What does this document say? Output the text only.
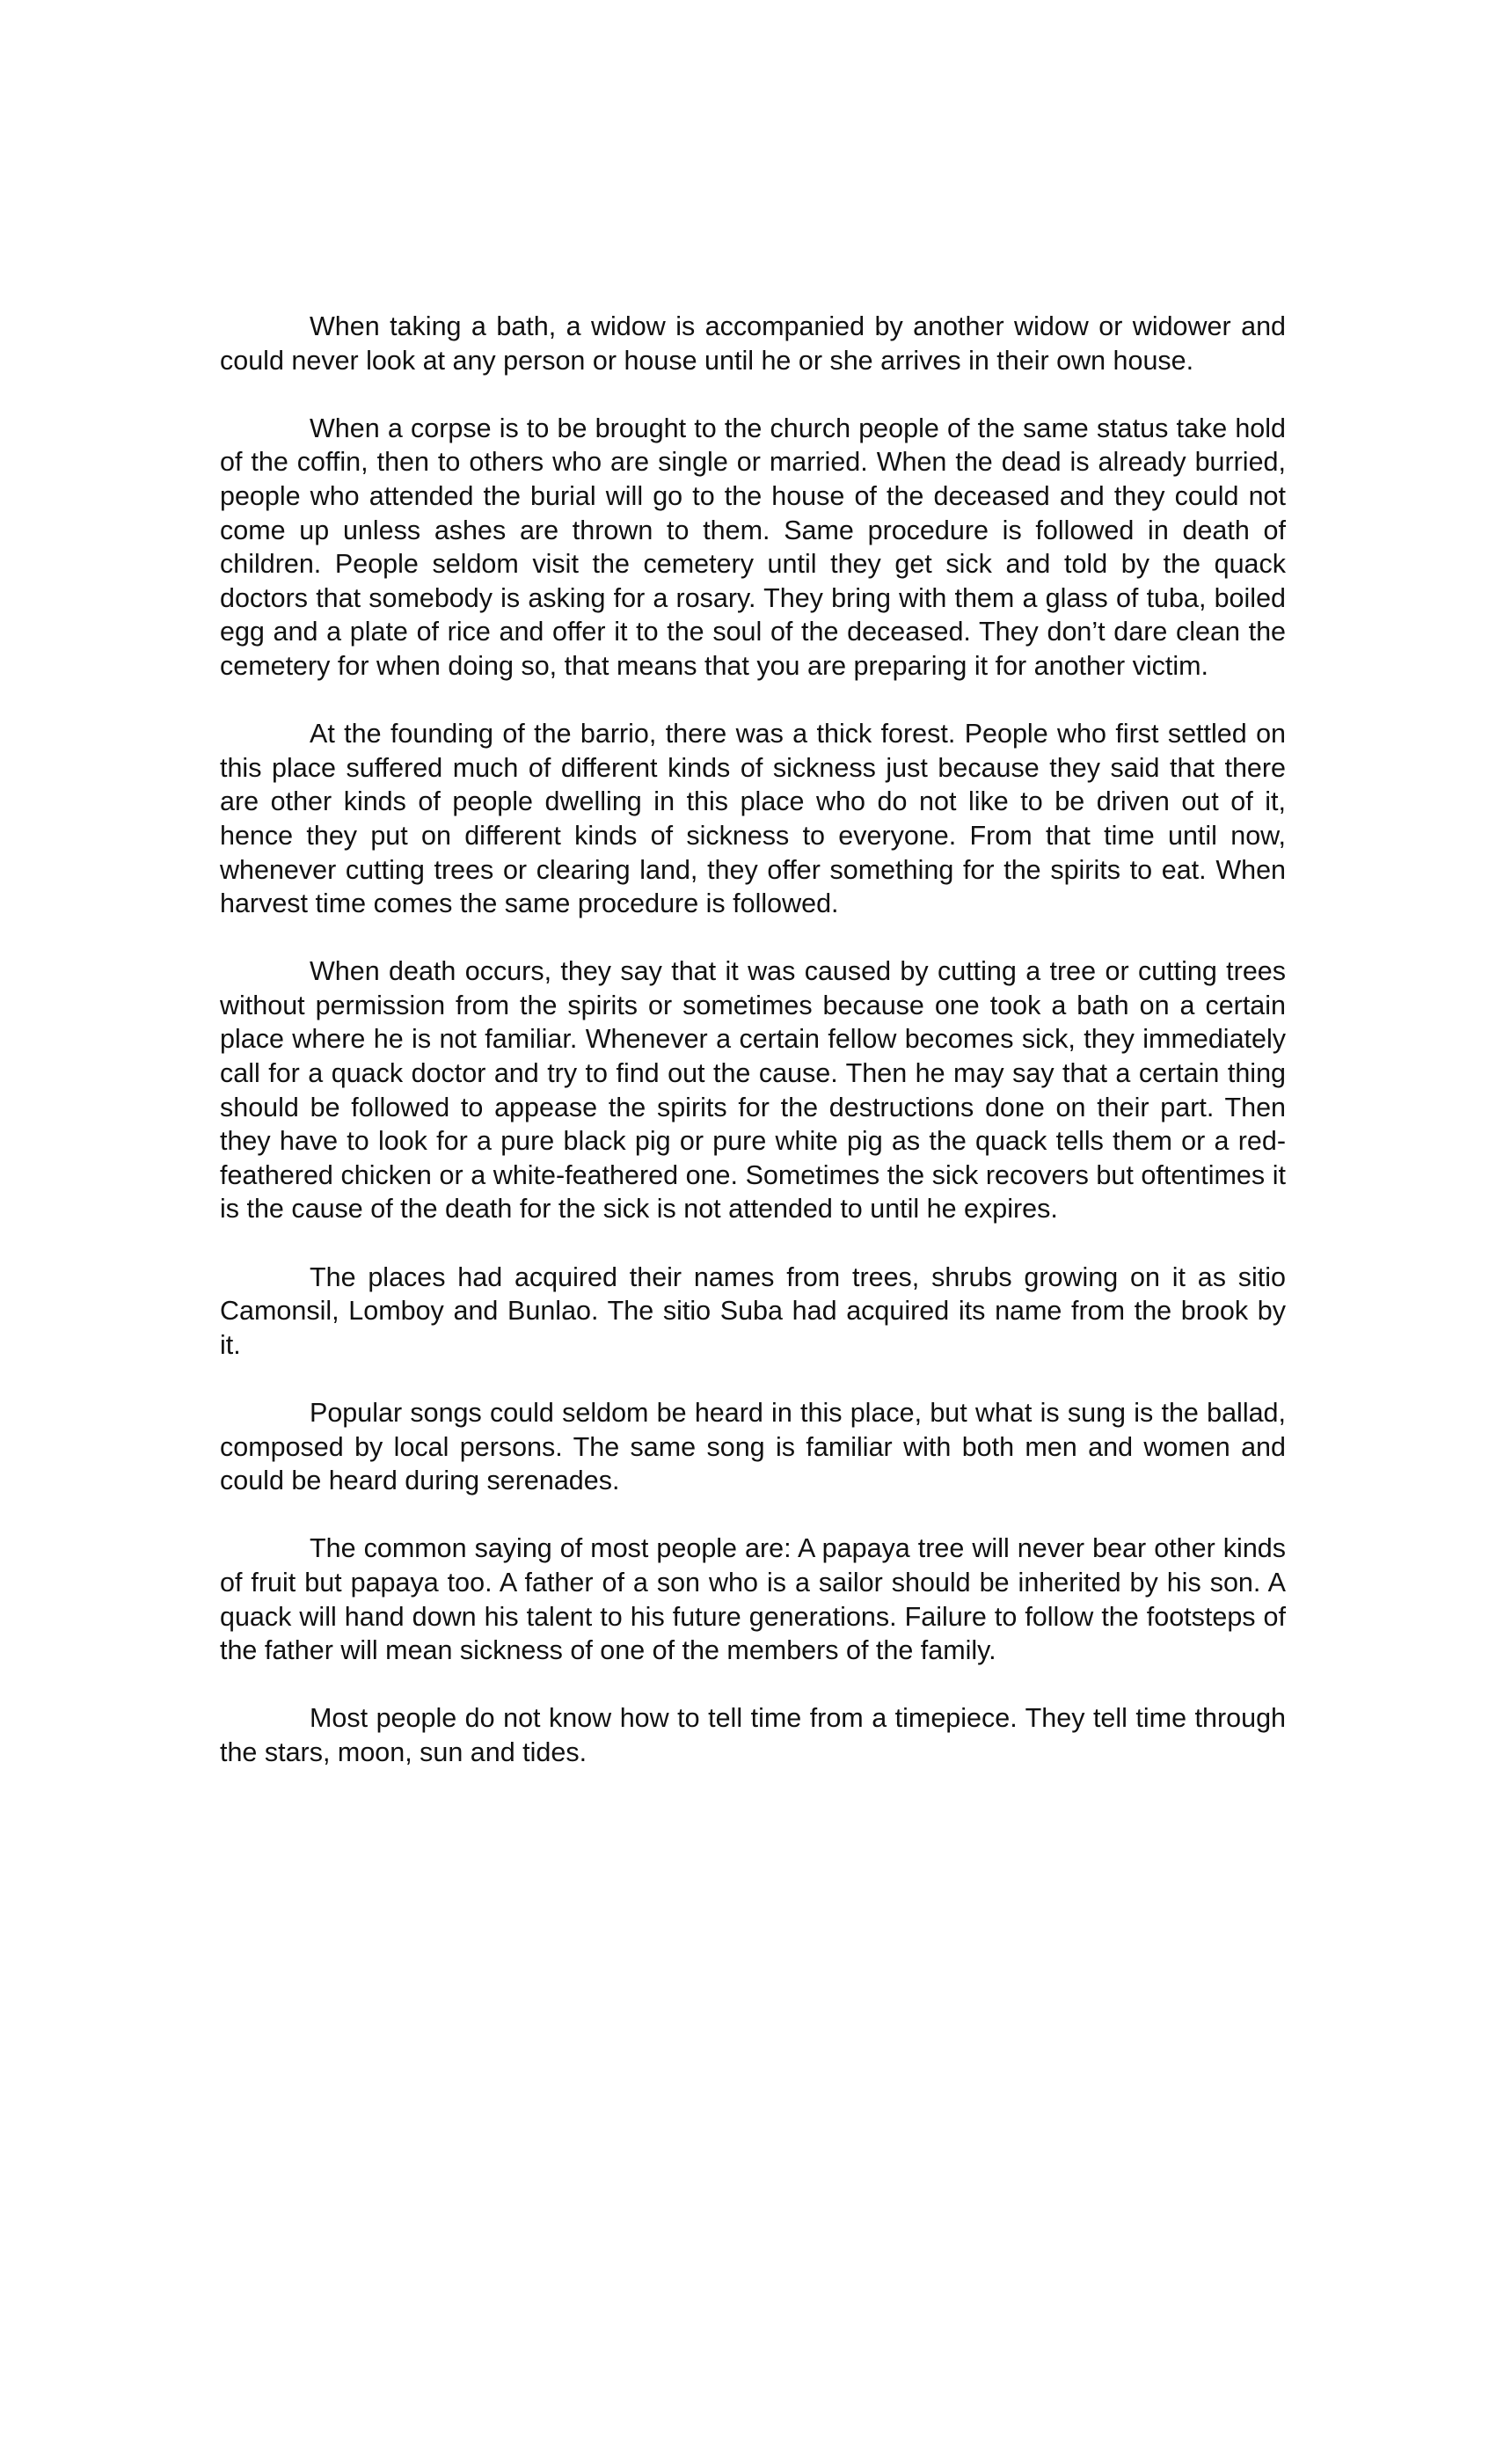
When taking a bath, a widow is accompanied by another widow or widower and could never look at any person or house until he or she arrives in their own house.

When a corpse is to be brought to the church people of the same status take hold of the coffin, then to others who are single or married. When the dead is already burried, people who attended the burial will go to the house of the deceased and they could not come up unless ashes are thrown to them. Same procedure is followed in death of children. People seldom visit the cemetery until they get sick and told by the quack doctors that somebody is asking for a rosary. They bring with them a glass of tuba, boiled egg and a plate of rice and offer it to the soul of the deceased. They don’t dare clean the cemetery for when doing so, that means that you are preparing it for another victim.

At the founding of the barrio, there was a thick forest. People who first settled on this place suffered much of different kinds of sickness just because they said that there are other kinds of people dwelling in this place who do not like to be driven out of it, hence they put on different kinds of sickness to everyone. From that time until now, whenever cutting trees or clearing land, they offer something for the spirits to eat. When harvest time comes the same procedure is followed.

When death occurs, they say that it was caused by cutting a tree or cutting trees without permission from the spirits or sometimes because one took a bath on a certain place where he is not familiar. Whenever a certain fellow becomes sick, they immediately call for a quack doctor and try to find out the cause. Then he may say that a certain thing should be followed to appease the spirits for the destructions done on their part. Then they have to look for a pure black pig or pure white pig as the quack tells them or a red-feathered chicken or a white-feathered one. Sometimes the sick recovers but oftentimes it is the cause of the death for the sick is not attended to until he expires.

The places had acquired their names from trees, shrubs growing on it as sitio Camonsil, Lomboy and Bunlao. The sitio Suba had acquired its name from the brook by it.

Popular songs could seldom be heard in this place, but what is sung is the ballad, composed by local persons. The same song is familiar with both men and women and could be heard during serenades.

The common saying of most people are: A papaya tree will never bear other kinds of fruit but papaya too. A father of a son who is a sailor should be inherited by his son. A quack will hand down his talent to his future generations. Failure to follow the footsteps of the father will mean sickness of one of the members of the family.

Most people do not know how to tell time from a timepiece. They tell time through the stars, moon, sun and tides.
